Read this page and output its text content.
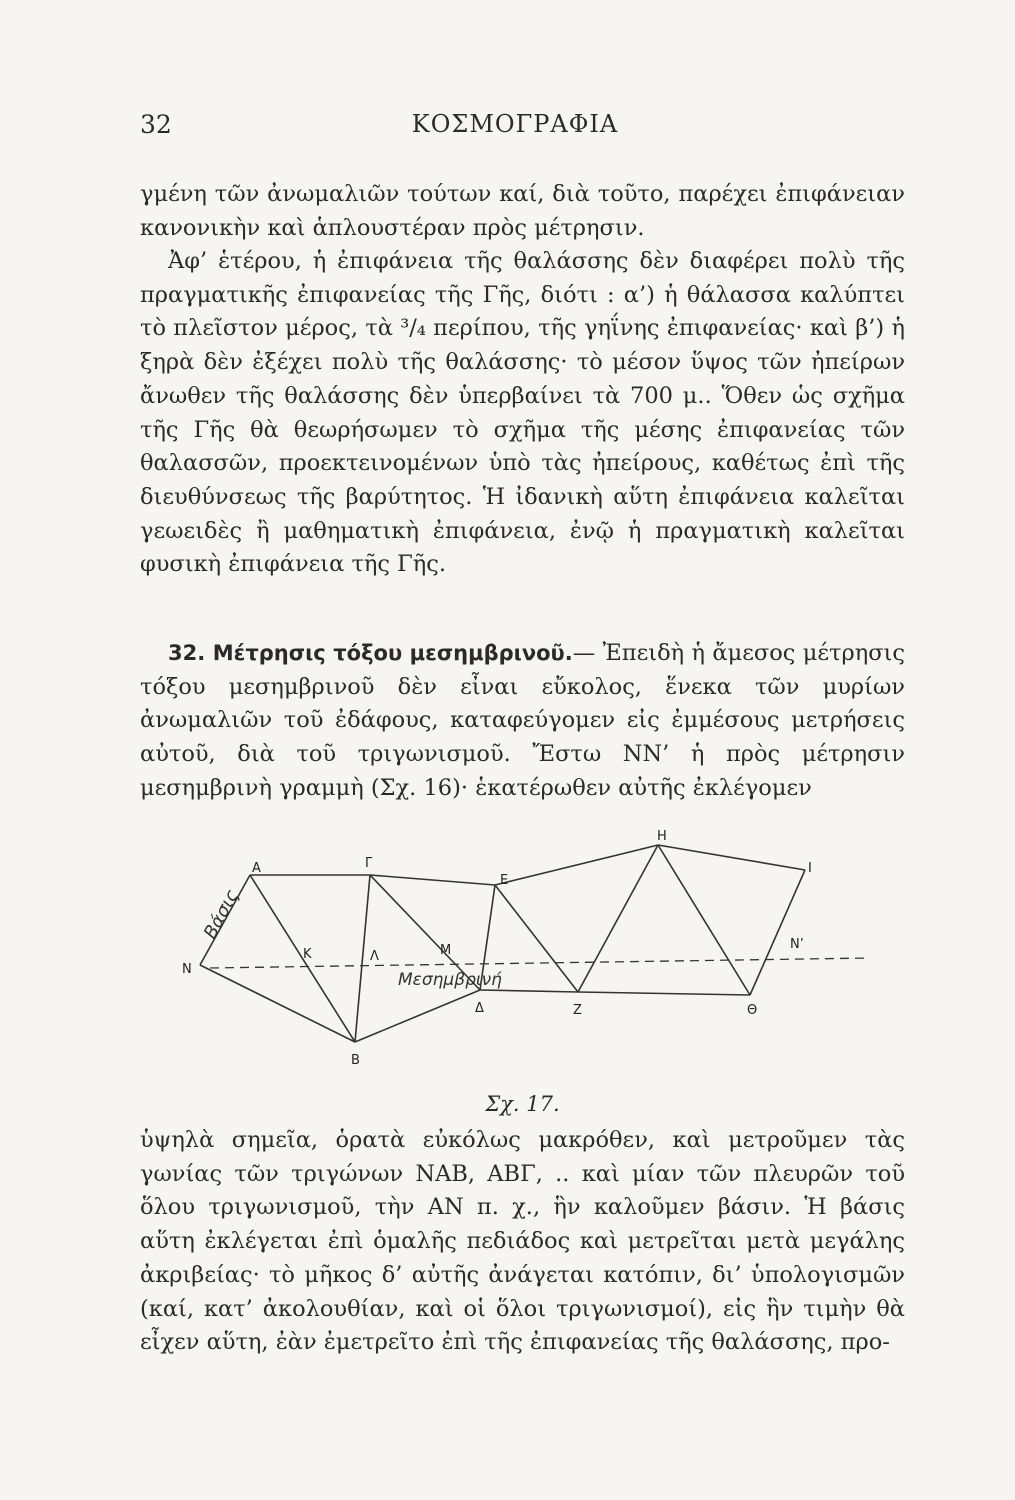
32	ΚΟΣΜΟΓΡΑΦΙΑ

γμένη τῶν ἀνωμαλιῶν τούτων καί, διὰ τοῦτο, παρέχει ἐπιφάνειαν κανονικὴν καὶ ἁπλουστέραν πρὸς μέτρησιν.

Ἀφ’ ἑτέρου, ἡ ἐπιφάνεια τῆς θαλάσσης δὲν διαφέρει πολὺ τῆς πραγματικῆς ἐπιφανείας τῆς Γῆς, διότι : α’) ἡ θάλασσα καλύπτει τὸ πλεῖστον μέρος, τὰ ³/₄ περίπου, τῆς γηΐνης ἐπιφανείας· καὶ β’) ἡ ξηρὰ δὲν ἐξέχει πολὺ τῆς θαλάσσης· τὸ μέσον ὕψος τῶν ἠπείρων ἄνωθεν τῆς θαλάσσης δὲν ὑπερβαίνει τὰ 700 μ.. Ὅθεν ὡς σχῆμα τῆς Γῆς θὰ θεωρήσωμεν τὸ σχῆμα τῆς μέσης ἐπιφανείας τῶν θαλασσῶν, προεκτεινομένων ὑπὸ τὰς ἠπείρους, καθέτως ἐπὶ τῆς διευθύνσεως τῆς βαρύτητος. Ἡ ἰδανικὴ αὕτη ἐπιφάνεια καλεῖται γεωειδὲς ἢ μαθηματικὴ ἐπιφάνεια, ἐνῷ ἡ πραγματικὴ καλεῖται φυσικὴ ἐπιφάνεια τῆς Γῆς.

32. Μέτρησις τόξου μεσημβρινοῦ.— Ἐπειδὴ ἡ ἄμεσος μέτρησις τόξου μεσημβρινοῦ δὲν εἶναι εὔκολος, ἕνεκα τῶν μυρίων ἀνωμαλιῶν τοῦ ἐδάφους, καταφεύγομεν εἰς ἐμμέσους μετρήσεις αὐτοῦ, διὰ τοῦ τριγωνισμοῦ. Ἔστω ΝΝ’ ἡ πρὸς μέτρησιν μεσημβρινὴ γραμμὴ (Σχ. 16)· ἑκατέρωθεν αὐτῆς ἐκλέγομεν

N
A	Γ
E
H
I
B
Δ	Z	Θ
K	Λ	M	N’
Βάσις
Μεσημβρινή
Σχ. 17.

ὑψηλὰ σημεῖα, ὁρατὰ εὐκόλως μακρόθεν, καὶ μετροῦμεν τὰς γωνίας τῶν τριγώνων ΝΑΒ, ΑΒΓ, .. καὶ μίαν τῶν πλευρῶν τοῦ ὅλου τριγωνισμοῦ, τὴν ΑΝ π. χ., ἣν καλοῦμεν βάσιν. Ἡ βάσις αὕτη ἐκλέγεται ἐπὶ ὁμαλῆς πεδιάδος καὶ μετρεῖται μετὰ μεγάλης ἀκριβείας· τὸ μῆκος δ’ αὐτῆς ἀνάγεται κατόπιν, δι’ ὑπολογισμῶν (καί, κατ’ ἀκολουθίαν, καὶ οἱ ὅλοι τριγωνισμοί), εἰς ἣν τιμὴν θὰ εἶχεν αὕτη, ἐὰν ἐμετρεῖτο ἐπὶ τῆς ἐπιφανείας τῆς θαλάσσης, προ-
